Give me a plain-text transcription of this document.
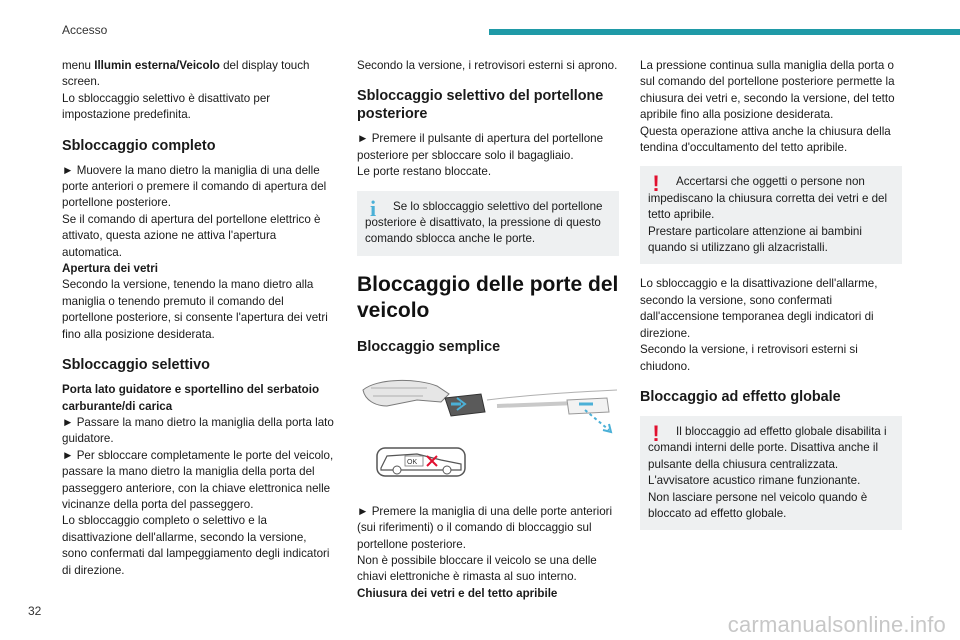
Accesso

menu Illumin esterna/Veicolo del display touch screen.

Lo sbloccaggio selettivo è disattivato per impostazione predefinita.

Sbloccaggio completo

► Muovere la mano dietro la maniglia di una delle porte anteriori o premere il comando di apertura del portellone posteriore.

Se il comando di apertura del portellone elettrico è attivato, questa azione ne attiva l'apertura automatica.

Apertura dei vetri

Secondo la versione, tenendo la mano dietro alla maniglia o tenendo premuto il comando del portellone posteriore, si consente l'apertura dei vetri fino alla posizione desiderata.

Sbloccaggio selettivo

Porta lato guidatore e sportellino del serbatoio carburante/di carica

► Passare la mano dietro la maniglia della porta lato guidatore.

► Per sbloccare completamente le porte del veicolo, passare la mano dietro la maniglia della porta del passeggero anteriore, con la chiave elettronica nelle vicinanze della porta del passeggero.

Lo sbloccaggio completo o selettivo e la disattivazione dell'allarme, secondo la versione, sono confermati dal lampeggiamento degli indicatori di direzione.

Secondo la versione, i retrovisori esterni si aprono.

Sbloccaggio selettivo del portellone posteriore

► Premere il pulsante di apertura del portellone posteriore per sbloccare solo il bagagliaio.

Le porte restano bloccate.

i	Se lo sbloccaggio selettivo del portellone posteriore è disattivato, la pressione di questo comando sblocca anche le porte.
Bloccaggio delle porte del veicolo
Bloccaggio semplice
OK

► Premere la maniglia di una delle porte anteriori (sui riferimenti) o il comando di bloccaggio sul portellone posteriore.

Non è possibile bloccare il veicolo se una delle chiavi elettroniche è rimasta al suo interno.

Chiusura dei vetri e del tetto apribile

La pressione continua sulla maniglia della porta o sul comando del portellone posteriore permette la chiusura dei vetri e, secondo la versione, del tetto apribile fino alla posizione desiderata.

Questa operazione attiva anche la chiusura della tendina d'occultamento del tetto apribile.

!	Accertarsi che oggetti o persone non impediscano la chiusura corretta dei vetri e del tetto apribile.
Prestare particolare attenzione ai bambini quando si utilizzano gli alzacristalli.

Lo sbloccaggio e la disattivazione dell'allarme, secondo la versione, sono confermati dall'accensione temporanea degli indicatori di direzione.

Secondo la versione, i retrovisori esterni si chiudono.

Bloccaggio ad effetto globale
!	Il bloccaggio ad effetto globale disabilita i comandi interni delle porte. Disattiva anche il pulsante della chiusura centralizzata.
L'avvisatore acustico rimane funzionante.
Non lasciare persone nel veicolo quando è bloccato ad effetto globale.
32
carmanualsonline.info
